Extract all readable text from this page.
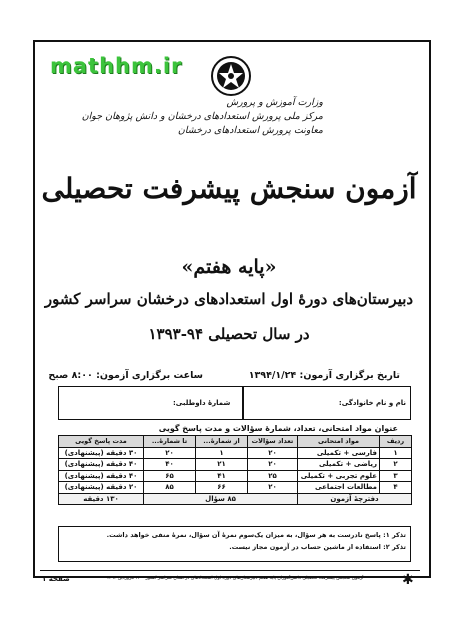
mathhm.ir
وزارت آموزش و پرورش
مرکز ملی پرورش استعدادهای درخشان و دانش پژوهان جوان
معاونت پرورش استعدادهای درخشان
آزمون سنجش پیشرفت تحصیلی
«پایه هفتم»
دبیرستان‌های دورهٔ اول استعدادهای درخشان سراسر کشور
در سال تحصیلی ۹۴-۱۳۹۳
تاریخ برگزاری آزمون: ۱۳۹۴/۱/۲۴
ساعت برگزاری آزمون: ۸:۰۰ صبح
نام و نام خانوادگی:
شمارهٔ داوطلبی:
عنوان مواد امتحانی، تعداد، شمارهٔ سؤالات و مدت پاسخ گویی
ردیف	مواد امتحانی	تعداد سؤالات	از شمارهٔ...	تا شمارهٔ...	مدت پاسخ گویی
۱	فارسی + تکمیلی	۲۰	۱	۲۰	۳۰ دقیقه (پیشنهادی)
۲	ریاضی + تکمیلی	۲۰	۲۱	۴۰	۴۰ دقیقه (پیشنهادی)
۳	علوم تجربی + تکمیلی	۲۵	۴۱	۶۵	۴۰ دقیقه (پیشنهادی)
۴	مطالعات اجتماعی	۲۰	۶۶	۸۵	۲۰ دقیقه (پیشنهادی)
دفترچهٔ آزمون		۸۵ سؤال			۱۳۰ دقیقه
تذکر ۱: پاسخ نادرست به هر سؤال، به میزان یک‌سوم نمرهٔ آن سؤال، نمرهٔ منفی خواهد داشت.
تذکر ۲: استفاده از ماشین حساب در آزمون مجاز نیست.
✱
صفحهٔ ۱	آزمون سنجش پیشرفت تحصیلی دانش‌آموزان پایهٔ هفتم دبیرستان‌های دورهٔ اول استعدادهای درخشان سراسر کشور – ۲۴ فروردین ۱۳۹۴
